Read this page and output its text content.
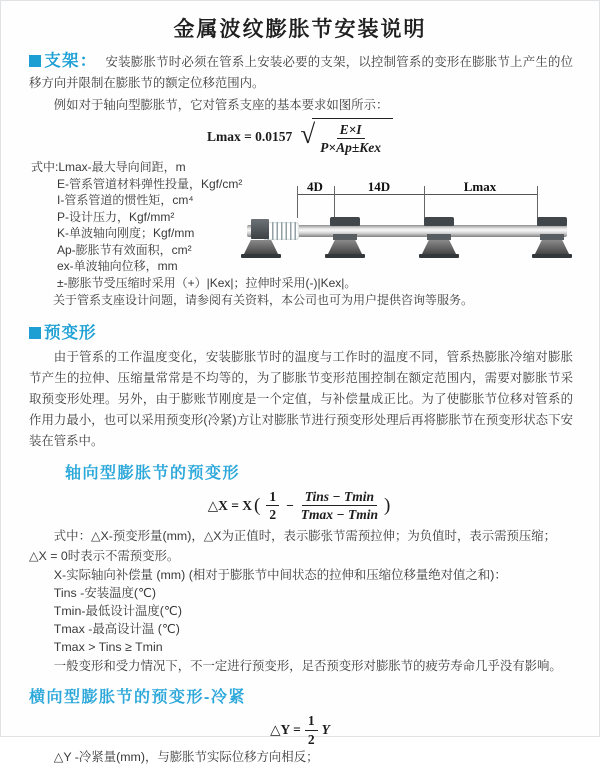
金属波纹膨胀节安装说明

支架： 安装膨胀节时必须在管系上安装必要的支架，以控制管系的变形在膨胀节上产生的位移方向并限制在膨胀节的额定位移范围内。

例如对于轴向型膨胀节，它对管系支座的基本要求如图所示：

Lmax = 0.0157 √ $\frac{E\times I}{\text{P×Ap±Kex}}$
式中:Lmax-最大导向间距，m
E-管系管道材料弹性投量，Kgf/cm²
I-管系管道的惯性矩，cm⁴
P-设计压力，Kgf/mm²
K-单波轴向刚度；Kgf/mm
Ap-膨胀节有效面积，cm²
ex-单波轴向位移，mm
±-膨胀节受压缩时采用（+）|Kex|；拉伸时采用(-)|Kex|。

关于管系支座设计问题，请参阅有关资料，本公司也可为用户提供咨询等服务。

4D	14D	Lmax

预变形

由于管系的工作温度变化，安装膨胀节时的温度与工作时的温度不同，管系热膨胀冷缩对膨胀节产生的拉伸、压缩量常常是不均等的，为了膨胀节变形范围控制在额定范围内，需要对膨胀节采取预变形处理。另外，由于膨账节刚度是一个定值，与补偿量成正比。为了使膨胀节位移对管系的作用力最小，也可以采用预变形(冷紧)方让对膨胀节进行预变形处理后再将膨胀节在预变形状态下安装在管系中。

轴向型膨胀节的预变形

△X = X ( $\frac{1}{2} - \frac{\text{Tins − Tmin}}{Tmax - Tmin}$ )

式中：△X-预变形量(mm)，△X为正值时，表示膨张节需预拉伸；为负值时，表示需预压缩；△X = 0时表示不需预变形。

X-实际轴向补偿量 (mm) (相对于膨胀节中间状态的拉伸和压缩位移量绝对值之和)：

Tins -安装温度(℃)

Tmin-最低设计温度(℃)

Tmax -最高设计温 (℃)

Tmax > Tins ≥ Tmin

一般变形和受力情况下，不一定进行预变形，足否预变形对膨胀节的疲劳寿命几乎没有影响。

横向型膨胀节的预变形-冷紧

△Y = $\frac{1}{2}$ Y

△Y -冷紧量(mm)，与膨胀节实际位移方向相反；
